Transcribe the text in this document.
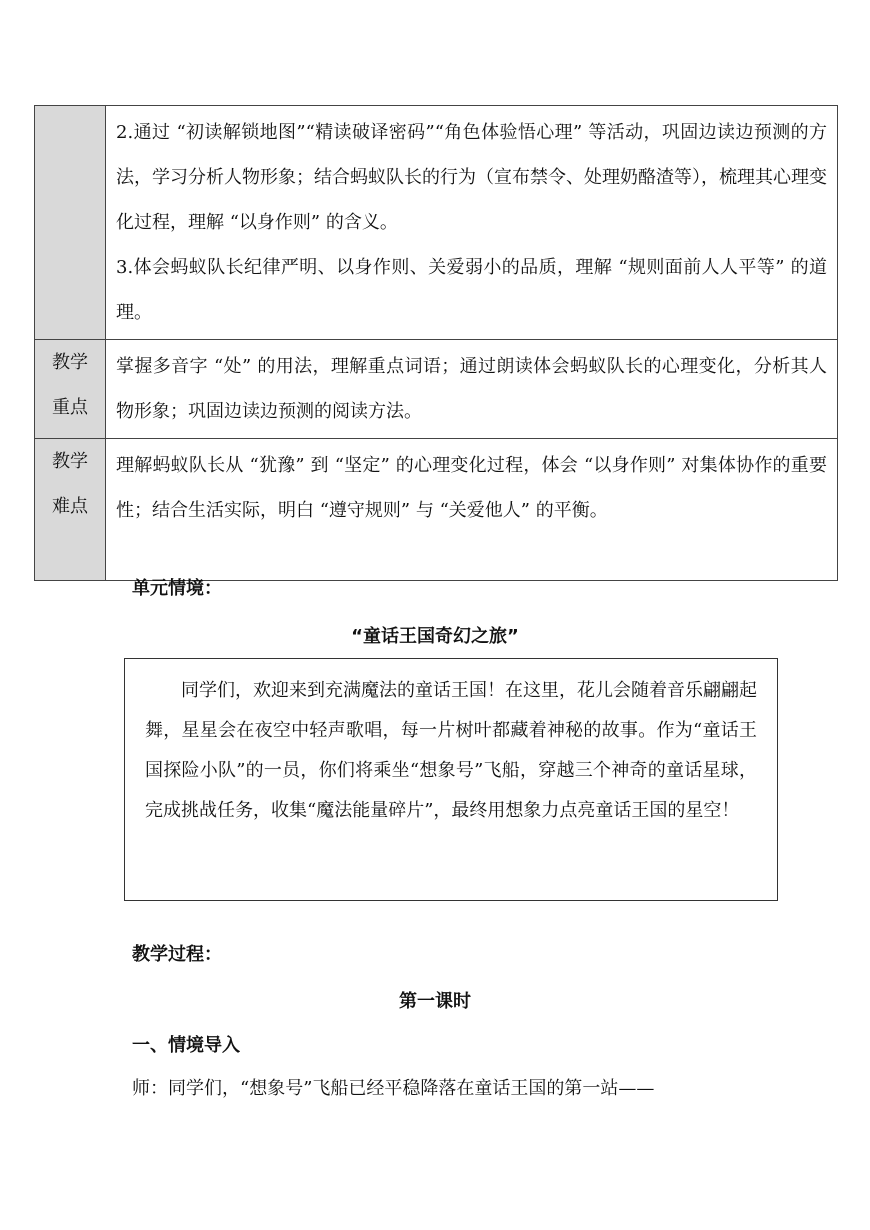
	2.通过 “初读解锁地图”“精读破译密码”“角色体验悟心理” 等活动，巩固边读边预测的方法，学习分析人物形象；结合蚂蚁队长的行为（宣布禁令、处理奶酪渣等），梳理其心理变化过程，理解 “以身作则” 的含义。

3.体会蚂蚁队长纪律严明、以身作则、关爱弱小的品质，理解 “规则面前人人平等” 的道理。

教学
重点	掌握多音字 “处” 的用法，理解重点词语；通过朗读体会蚂蚁队长的心理变化，分析其人物形象；巩固边读边预测的阅读方法。

教学
难点	理解蚂蚁队长从 “犹豫” 到 “坚定” 的心理变化过程，体会 “以身作则” 对集体协作的重要性；结合生活实际，明白 “遵守规则” 与 “关爱他人” 的平衡。

单元情境：
“童话王国奇幻之旅”

同学们，欢迎来到充满魔法的童话王国！在这里，花儿会随着音乐翩翩起舞，星星会在夜空中轻声歌唱，每一片树叶都藏着神秘的故事。作为“童话王国探险小队”的一员，你们将乘坐“想象号”飞船，穿越三个神奇的童话星球，完成挑战任务，收集“魔法能量碎片”，最终用想象力点亮童话王国的星空！

教学过程：
第一课时
一、情境导入
师：同学们，“想象号”飞船已经平稳降落在童话王国的第一站——
